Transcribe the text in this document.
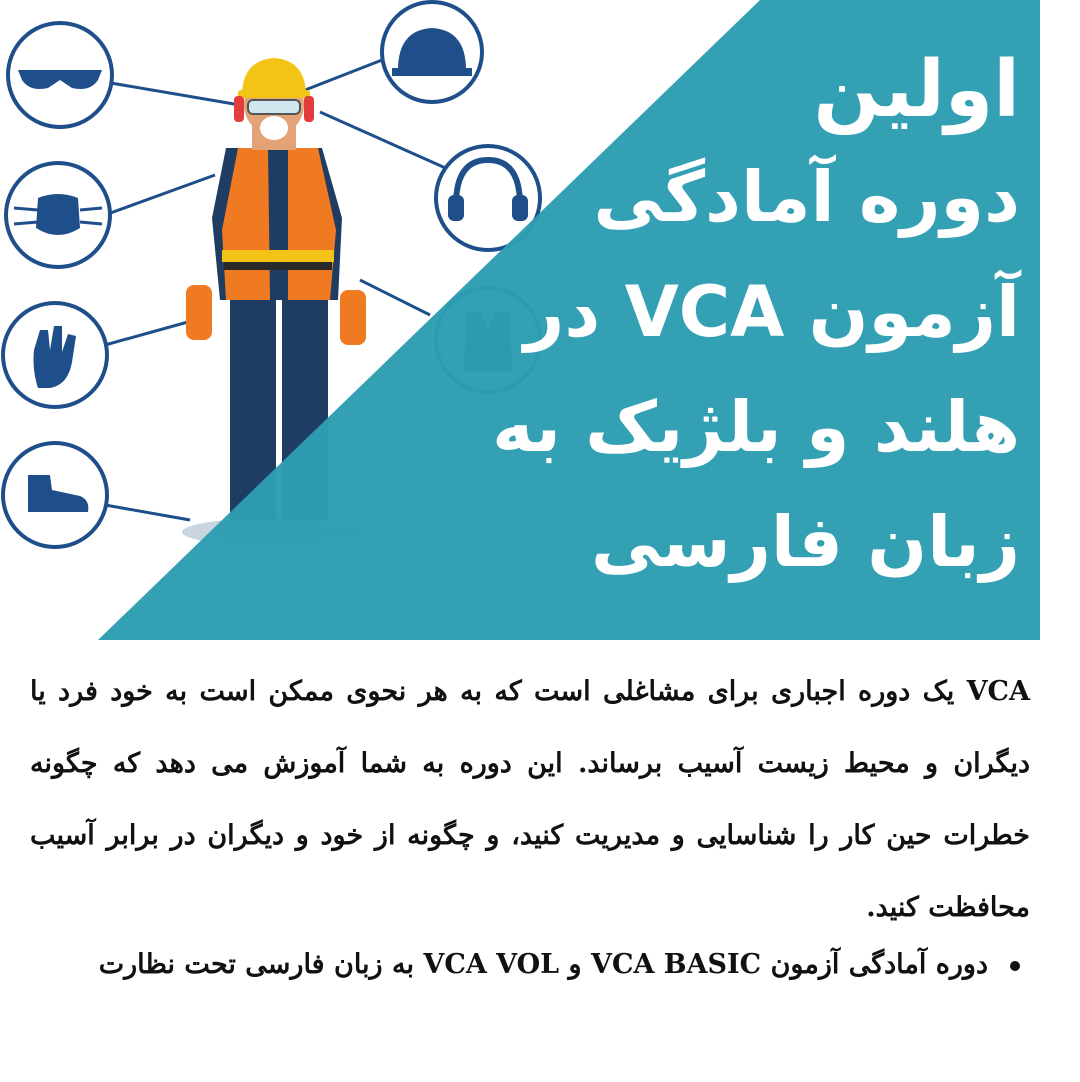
اولین
دوره آمادگی
آزمون VCA در
هلند و بلژیک به
زبان فارسی
VCA یک دوره اجباری برای مشاغلی است که به هر نحوی ممکن است به خود فرد یا دیگران و محیط زیست آسیب برساند. این دوره به شما آموزش می دهد که چگونه خطرات حین کار را شناسایی و مدیریت کنید، و چگونه از خود و دیگران در برابر آسیب محافظت کنید.
دوره آمادگی آزمون VCA BASIC و VCA VOL به زبان فارسی تحت نظارت
